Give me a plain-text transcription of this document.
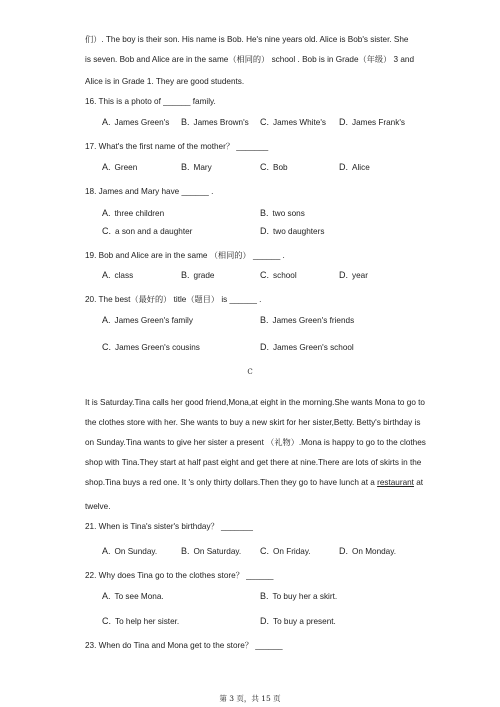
们）. The boy is their son. His name is Bob. He's nine years old. Alice is Bob's sister. She
is seven. Bob and Alice are in the same（相同的） school . Bob is in Grade（年级） 3 and
Alice is in Grade 1. They are good students.
16. This is a photo of ______ family.
A. James Green's B. James Brown's C. James White's D. James Frank's
17. What's the first name of the mother？ _______
A. Green	B. Mary	C. Bob	D. Alice
18. James and Mary have ______ .
A. three children	B. two sons
C. a son and a daughter	D. two daughters
19. Bob and Alice are in the same （相同的） ______ .
A. class	B. grade	C. school	D. year
20. The best（最好的） title（题目） is ______ .
A. James Green's family	B. James Green's friends
C. James Green's cousins	D. James Green's school
C
It is Saturday.Tina calls her good friend,Mona,at eight in the morning.She wants Mona to go to
the clothes store with her. She wants to buy a new skirt for her sister,Betty. Betty's birthday is
on Sunday.Tina wants to give her sister a present （礼物）.Mona is happy to go to the clothes
shop with Tina.They start at half past eight and get there at nine.There are lots of skirts in the
shop.Tina buys a red one. It 's only thirty dollars.Then they go to have lunch at a restaurant at
twelve.
21. When is Tina's sister's birthday？ _______
A. On Sunday.	B. On Saturday. C. On Friday.	D. On Monday.
22. Why does Tina go to the clothes store？ ______
A. To see Mona.	B. To buy her a skirt.
C. To help her sister.	D. To buy a present.
23. When do Tina and Mona get to the store？ ______
第 3 页，共 15 页
